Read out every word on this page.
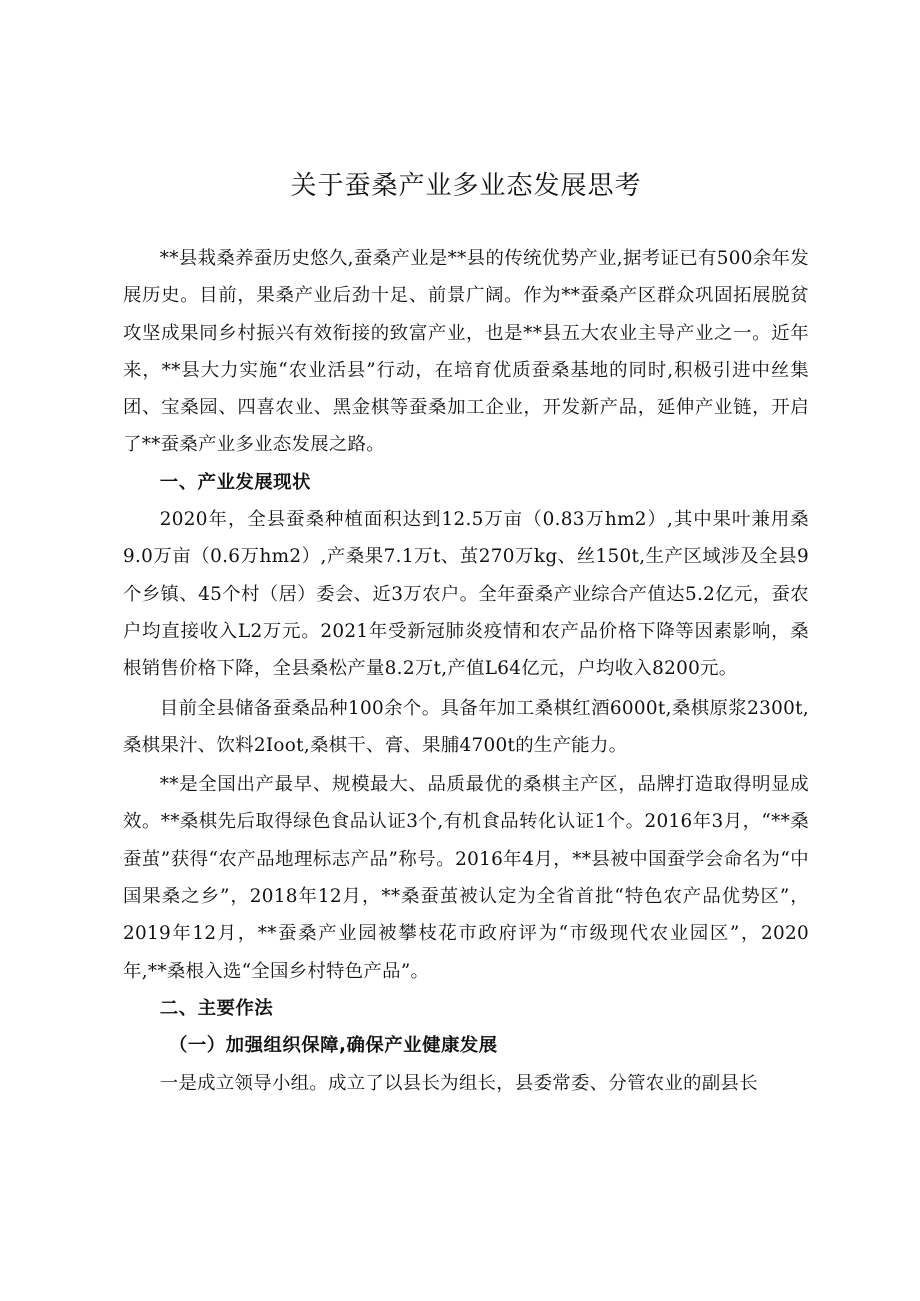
关于蚕桑产业多业态发展思考

**县栽桑养蚕历史悠久,蚕桑产业是**县的传统优势产业,据考证已有500余年发展历史。目前，果桑产业后劲十足、前景广阔。作为**蚕桑产区群众巩固拓展脱贫攻坚成果同乡村振兴有效衔接的致富产业，也是**县五大农业主导产业之一。近年来，**县大力实施“农业活县”行动，在培育优质蚕桑基地的同时,积极引进中丝集团、宝桑园、四喜农业、黑金棋等蚕桑加工企业，开发新产品，延伸产业链，开启了**蚕桑产业多业态发展之路。

一、产业发展现状

2020年，全县蚕桑种植面积达到12.5万亩（0.83万hm2）,其中果叶兼用桑9.0万亩（0.6万hm2）,产桑果7.1万t、茧270万kg、丝150t,生产区域涉及全县9个乡镇、45个村（居）委会、近3万农户。全年蚕桑产业综合产值达5.2亿元，蚕农户均直接收入L2万元。2021年受新冠肺炎疫情和农产品价格下降等因素影响，桑根销售价格下降，全县桑松产量8.2万t,产值L64亿元，户均收入8200元。

目前全县储备蚕桑品种100余个。具备年加工桑棋红酒6000t,桑棋原浆2300t,桑棋果汁、饮料2Ioot,桑棋干、膏、果脯4700t的生产能力。

**是全国出产最早、规模最大、品质最优的桑棋主产区，品牌打造取得明显成效。**桑棋先后取得绿色食品认证3个,有机食品转化认证1个。2016年3月，“**桑蚕茧”获得“农产品地理标志产品”称号。2016年4月，**县被中国蚕学会命名为“中国果桑之乡”，2018年12月，**桑蚕茧被认定为全省首批“特色农产品优势区”，2019年12月，**蚕桑产业园被攀枝花市政府评为“市级现代农业园区”，2020年,**桑根入选“全国乡村特色产品”。

二、主要作法

（一）加强组织保障,确保产业健康发展

一是成立领导小组。成立了以县长为组长，县委常委、分管农业的副县长
